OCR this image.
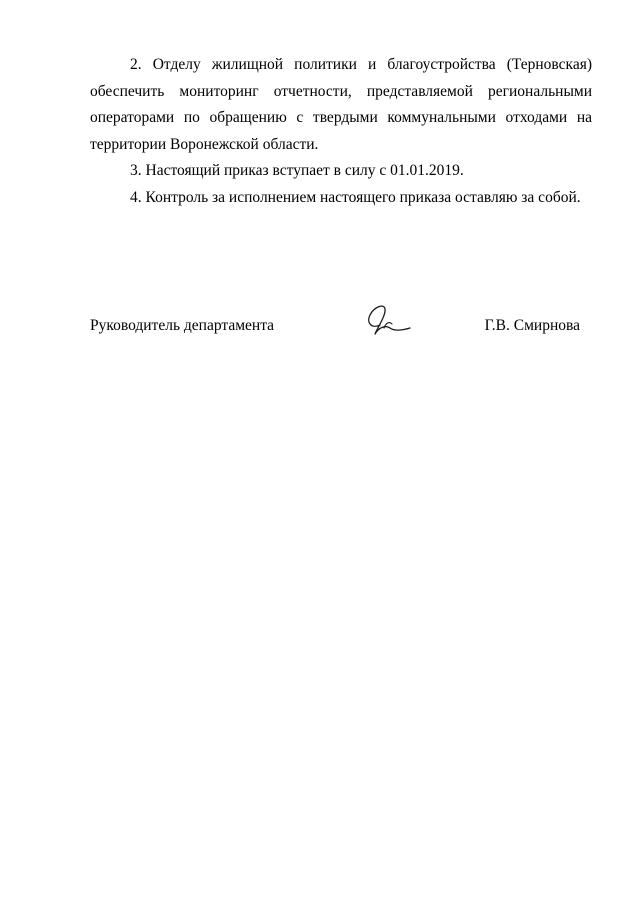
2. Отделу жилищной политики и благоустройства (Терновская) обеспечить мониторинг отчетности, представляемой региональными операторами по обращению с твердыми коммунальными отходами на территории Воронежской области.

3. Настоящий приказ вступает в силу с 01.01.2019.

4. Контроль за исполнением настоящего приказа оставляю за собой.

Руководитель департамента	Г.В. Смирнова
